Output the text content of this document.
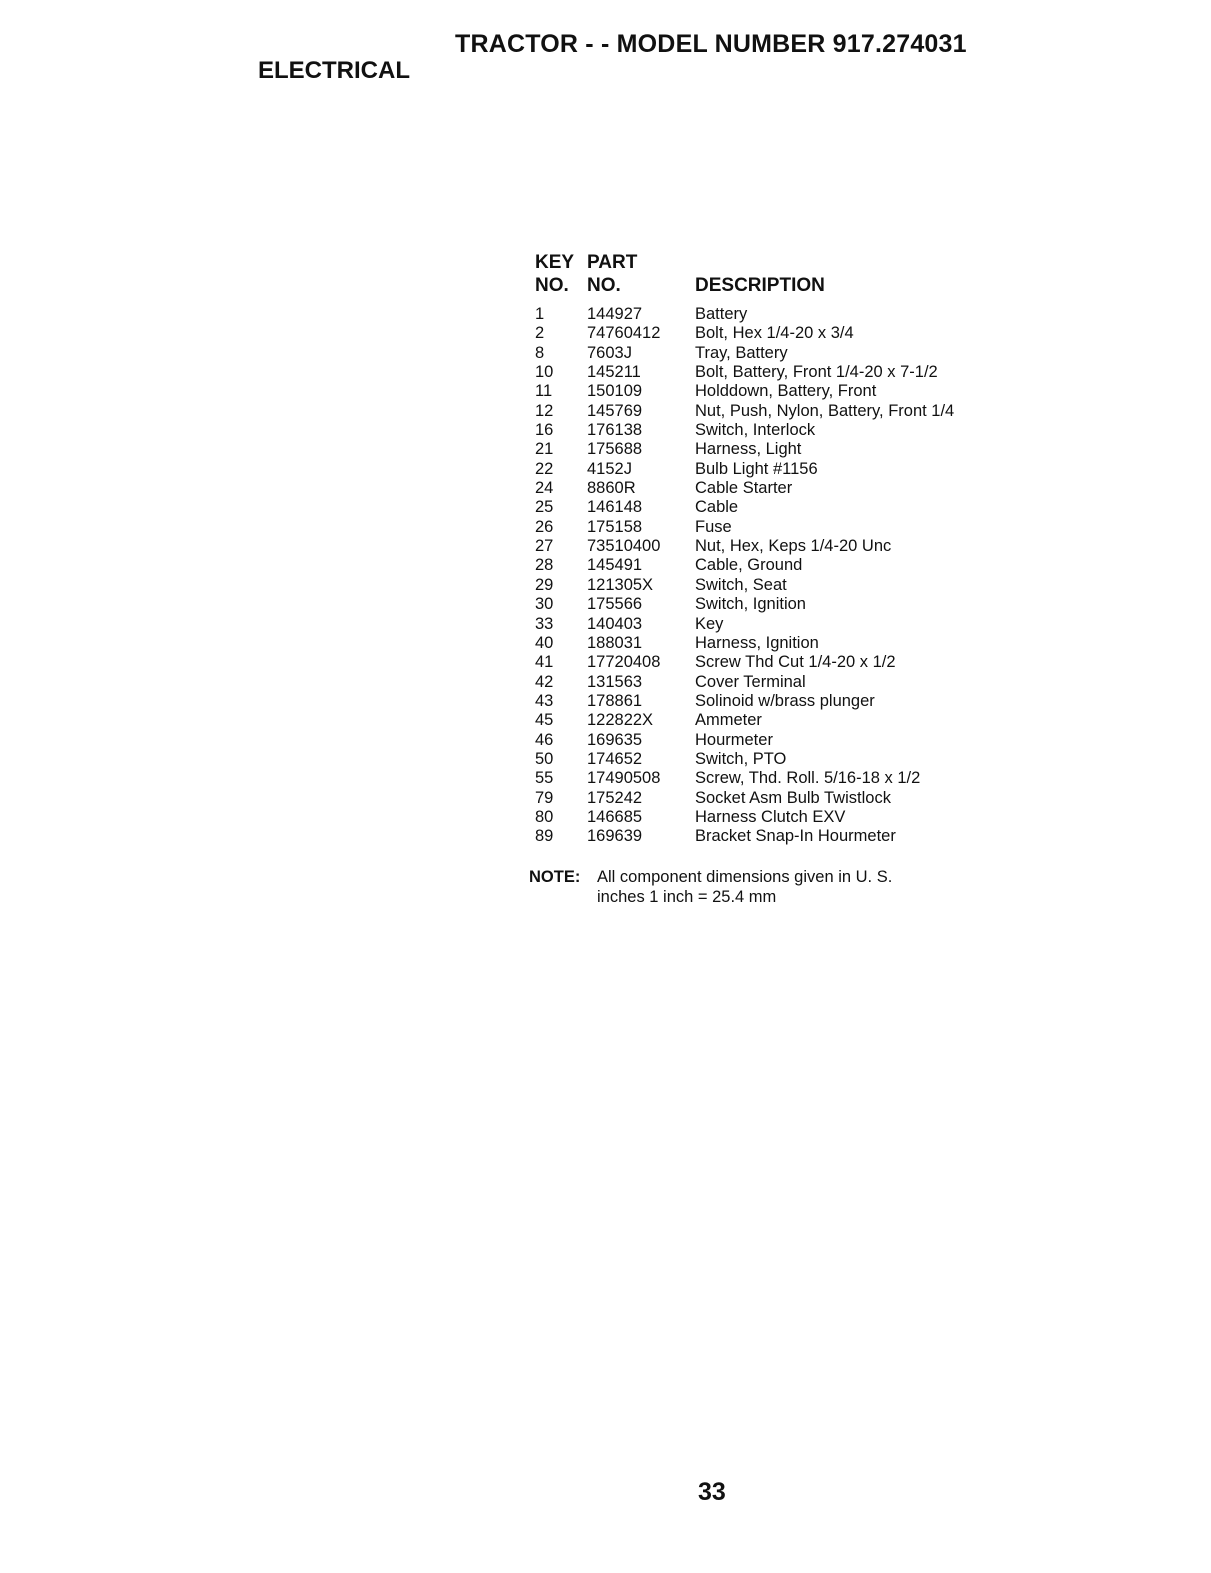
TRACTOR - - MODEL NUMBER 917.274031
ELECTRICAL
KEY
NO.
PART
NO.	DESCRIPTION
1	144927	Battery
2	74760412 Bolt, Hex 1/4-20 x 3/4
8	7603J	Tray, Battery
10 145211	Bolt, Battery, Front 1/4-20 x 7-1/2
11 150109	Holddown, Battery, Front
12 145769	Nut, Push, Nylon, Battery, Front 1/4
16 176138	Switch, Interlock
21 175688	Harness, Light
22 4152J	Bulb Light #1156
24 8860R	Cable Starter
25 146148	Cable
26 175158	Fuse
27 73510400 Nut, Hex, Keps 1/4-20 Unc
28 145491	Cable, Ground
29 121305X	Switch, Seat
30 175566	Switch, Ignition
33 140403	Key
40 188031	Harness, Ignition
41 17720408 Screw Thd Cut 1/4-20 x 1/2
42 131563	Cover Terminal
43 178861	Solinoid w/brass plunger
45 122822X	Ammeter
46 169635	Hourmeter
50 174652	Switch, PTO
55 17490508 Screw, Thd. Roll. 5/16-18 x 1/2
79 175242	Socket Asm Bulb Twistlock
80 146685	Harness Clutch EXV
89 169639	Bracket Snap-In Hourmeter
NOTE: All component dimensions given in U. S.
inches 1 inch = 25.4 mm
33
